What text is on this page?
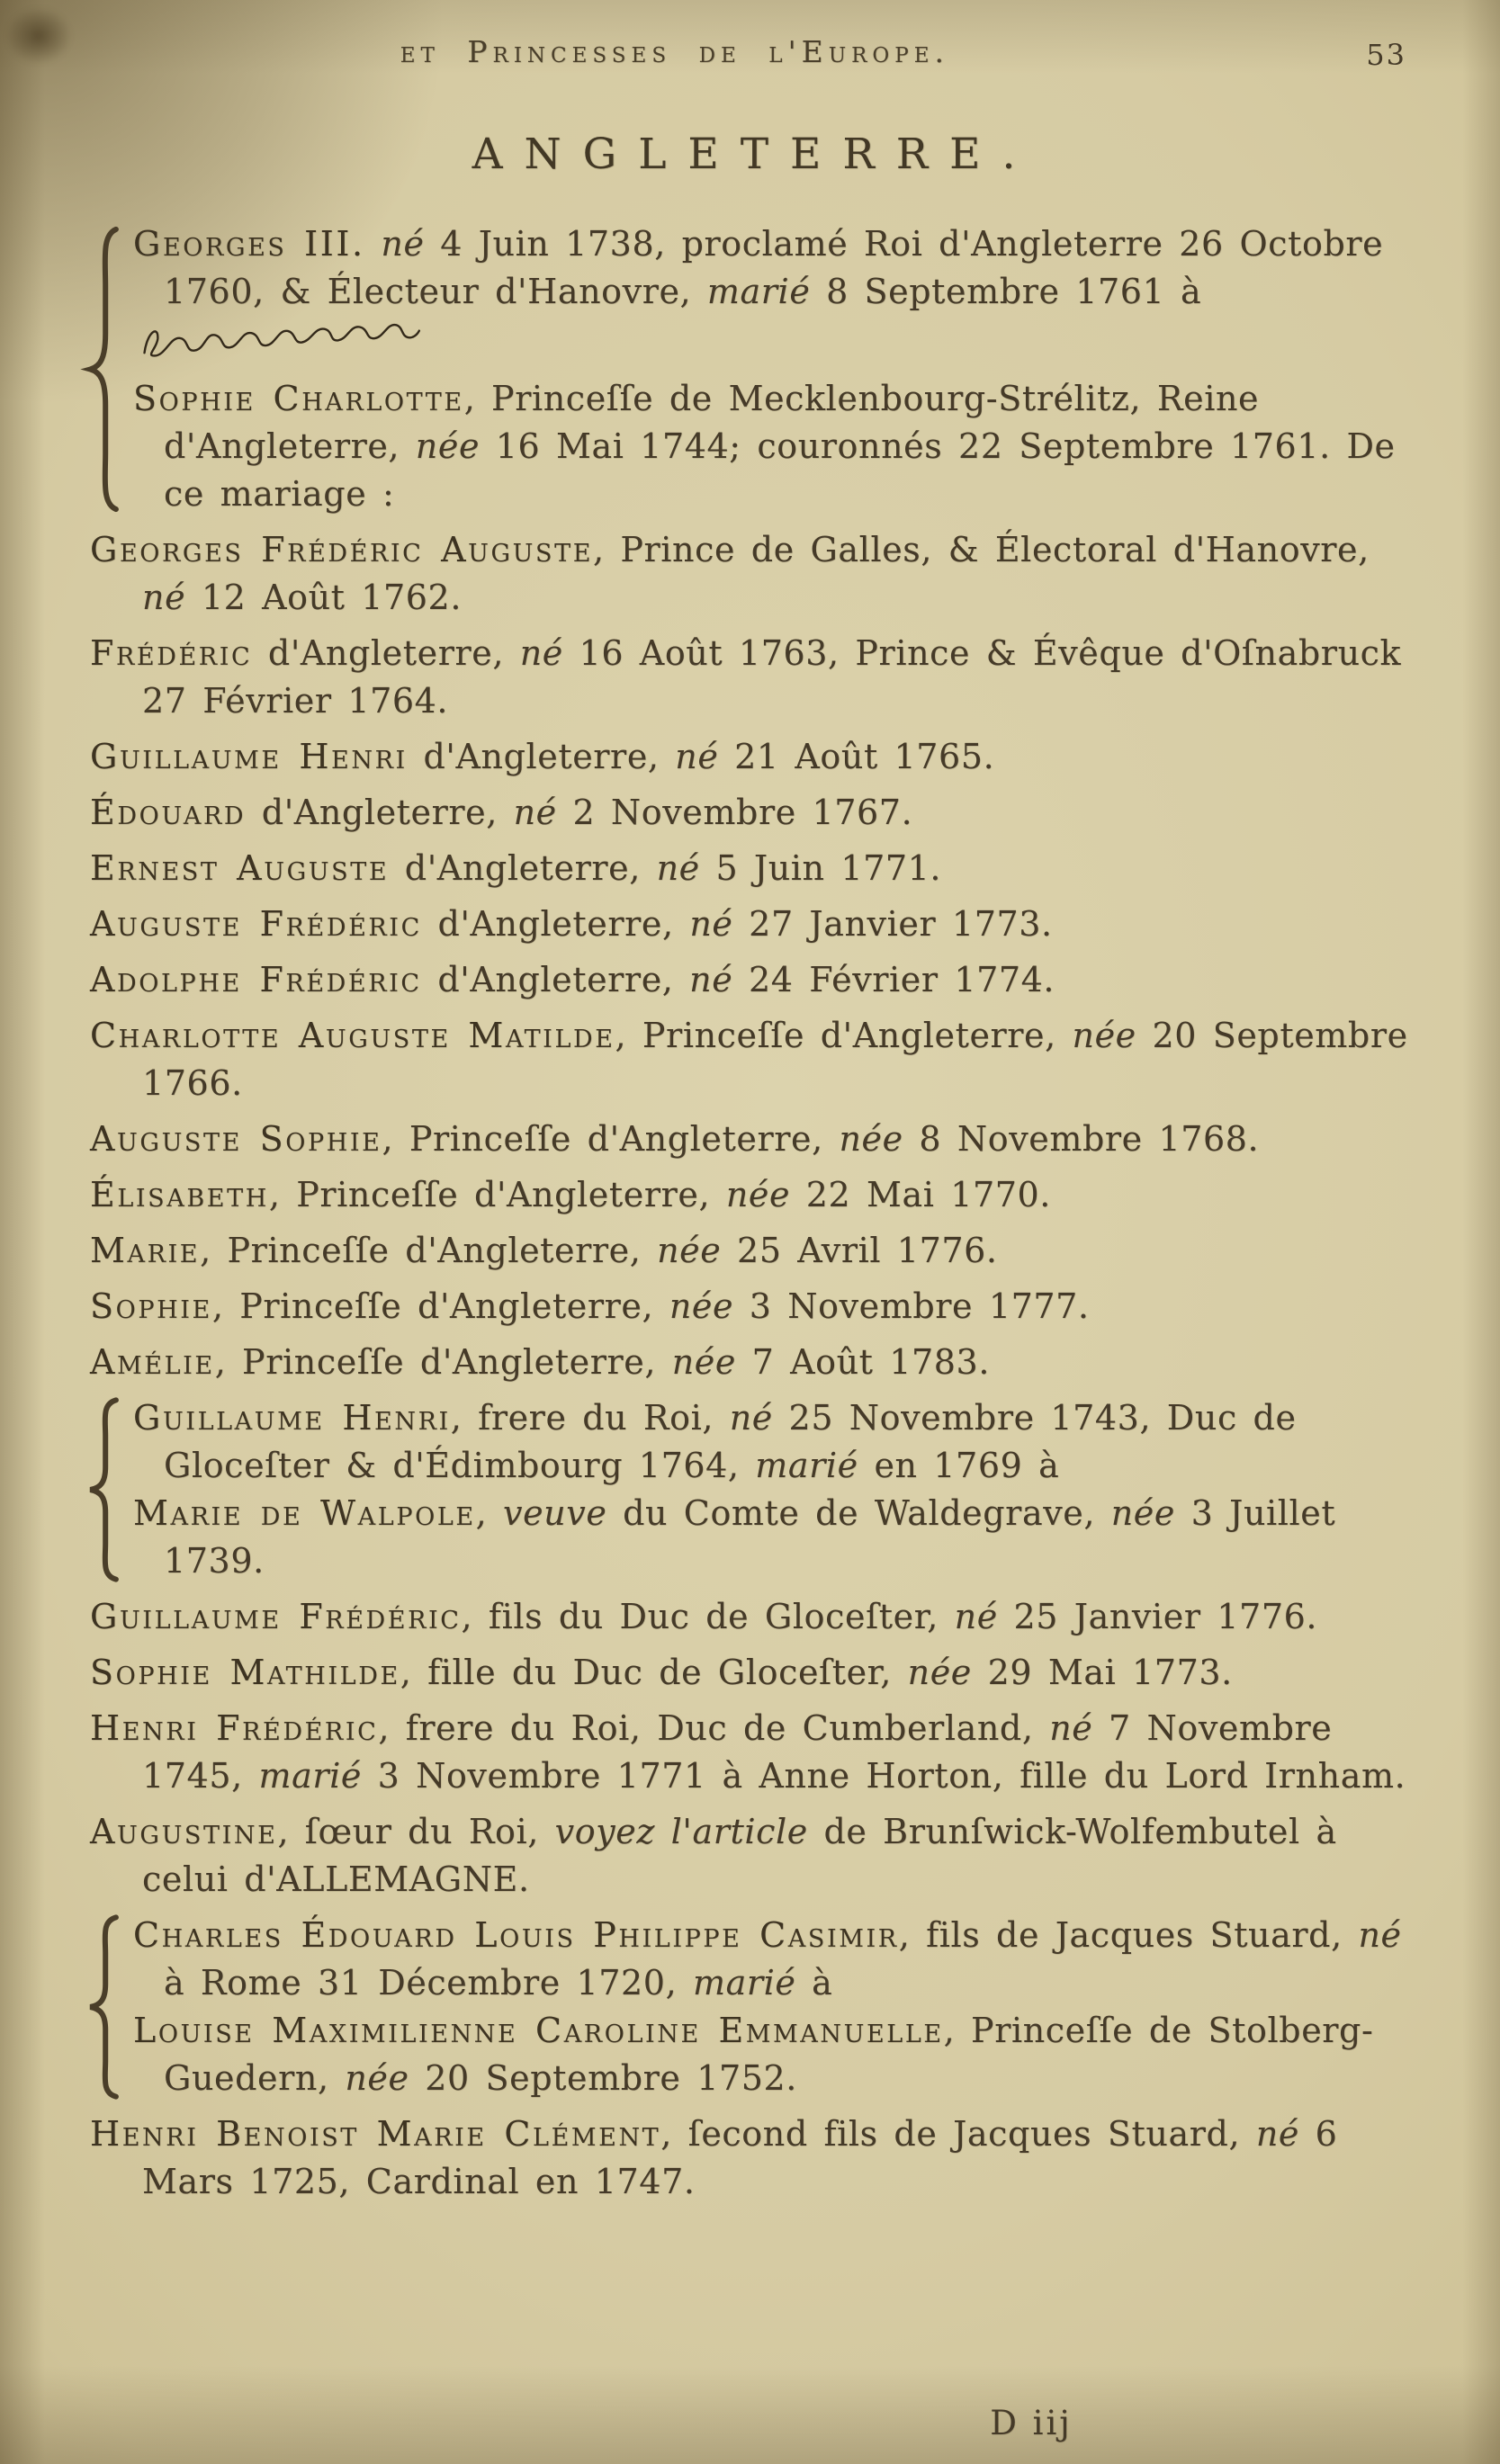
et Princesses de l'Europe.	53
ANGLETERRE.

Georges III. né 4 Juin 1738, proclamé Roi d'Angleterre 26 Octobre 1760, & Électeur d'Hanovre, marié 8 Septembre 1761 à

Sophie Charlotte, Princeſſe de Mecklenbourg-Strélitz, Reine d'Angleterre, née 16 Mai 1744; couronnés 22 Septembre 1761. De ce mariage :

Georges Frédéric Auguste, Prince de Galles, & Électoral d'Hanovre, né 12 Août 1762.

Frédéric d'Angleterre, né 16 Août 1763, Prince & Évêque d'Oſnabruck 27 Février 1764.

Guillaume Henri d'Angleterre, né 21 Août 1765.

Édouard d'Angleterre, né 2 Novembre 1767.

Ernest Auguste d'Angleterre, né 5 Juin 1771.

Auguste Frédéric d'Angleterre, né 27 Janvier 1773.

Adolphe Frédéric d'Angleterre, né 24 Février 1774.

Charlotte Auguste Matilde, Princeſſe d'Angleterre, née 20 Septembre 1766.

Auguste Sophie, Princeſſe d'Angleterre, née 8 Novembre 1768.

Élisabeth, Princeſſe d'Angleterre, née 22 Mai 1770.

Marie, Princeſſe d'Angleterre, née 25 Avril 1776.

Sophie, Princeſſe d'Angleterre, née 3 Novembre 1777.

Amélie, Princeſſe d'Angleterre, née 7 Août 1783.

Guillaume Henri, frere du Roi, né 25 Novembre 1743, Duc de Gloceſter & d'Édimbourg 1764, marié en 1769 à

Marie de Walpole, veuve du Comte de Waldegrave, née 3 Juillet 1739.

Guillaume Frédéric, fils du Duc de Gloceſter, né 25 Janvier 1776.

Sophie Mathilde, fille du Duc de Gloceſter, née 29 Mai 1773.

Henri Frédéric, frere du Roi, Duc de Cumberland, né 7 Novembre 1745, marié 3 Novembre 1771 à Anne Horton, fille du Lord Irnham.

Augustine, ſœur du Roi, voyez l'article de Brunſwick-Wolfembutel à celui d'ALLEMAGNE.

Charles Édouard Louis Philippe Casimir, fils de Jacques Stuard, né à Rome 31 Décembre 1720, marié à

Louise Maximilienne Caroline Emmanuelle, Princeſſe de Stolberg-Guedern, née 20 Septembre 1752.

Henri Benoist Marie Clément, ſecond fils de Jacques Stuard, né 6 Mars 1725, Cardinal en 1747.

D iij
